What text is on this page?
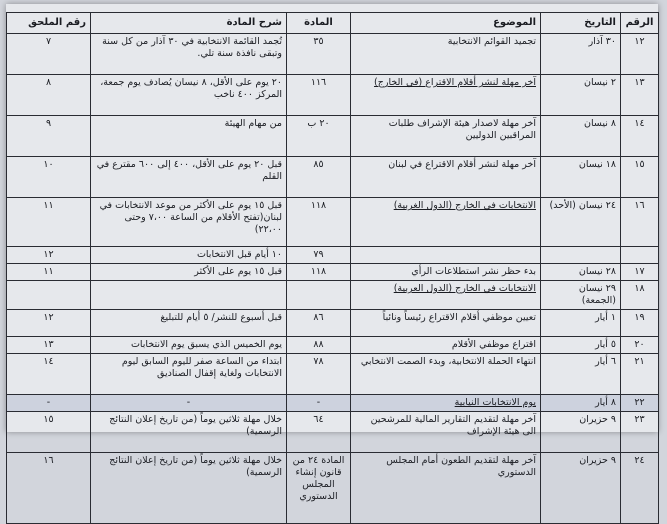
الرقم	التاريخ	الموضوع	المادة	شرح المادة	رقم الملحق
١٢	٣٠ آذار	تجميد القوائم الانتخابية	٣٥	تُجمد القائمة الانتخابية في ٣٠ آذار من كل سنة وتبقى نافذة سنة تلي.	٧
١٣	٢ نيسان	آخر مهلة لنشر أقلام الاقتراع (في الخارج)	١١٦	٢٠ يوم على الأقل، ٨ نيسان يُصادف يوم جمعة، المركز ٤٠٠ ناخب	٨
١٤	٨ نيسان	آخر مهلة لاصدار هيئة الإشراف طلبات المراقبين الدوليين	٢٠ ب	من مهام الهيئة	٩
١٥	١٨ نيسان	آخر مهلة لنشر أقلام الاقتراع في لبنان	٨٥	قبل ٢٠ يوم على الأقل، ٤٠٠ إلى ٦٠٠ مقترع في القلم	١٠
١٦	٢٤ نيسان (الأحد)	الانتخابات في الخارج (الدول الغربية)	١١٨	قبل ١٥ يوم على الأكثر من موعد الانتخابات في لبنان(تفتح الأقلام من الساعة ٧،٠٠ وحتى ٢٢،٠٠)	١١
			٧٩	١٠ أيام قبل الانتخابات	١٢
١٧	٢٨ نيسان	بدء حظر نشر استطلاعات الرأي	١١٨	قبل ١٥ يوم على الأكثر	١١
١٨	٢٩ نيسان (الجمعة)	الانتخابات في الخارج (الدول العربية)			
١٩	١ أيار	تعيين موظفي أقلام الاقتراع رئيساً ونائباً	٨٦	قبل أسبوع للنشر/ ٥ أيام للتبليغ	١٢
٢٠	٥ أيار	اقتراع موظفي الأقلام	٨٨	يوم الخميس الذي يسبق يوم الانتخابات	١٣
٢١	٦ أيار	انتهاء الحملة الانتخابية، وبدء الصمت الانتخابي	٧٨	ابتداء من الساعة صفر لليوم السابق ليوم الانتخابات ولغاية إقفال الصناديق	١٤
٢٢	٨ أيار	يوم الانتخابات النيابية	-	-	-
٢٣	٩ حزيران	آخر مهلة لتقديم التقارير المالية للمرشحين الى هيئة الإشراف	٦٤	خلال مهلة ثلاثين يوماً (من تاريخ إعلان النتائج الرسمية)	١٥
٢٤	٩ حزيران	آخر مهلة لتقديم الطعون أمام المجلس الدستوري	المادة ٢٤ من قانون إنشاء المجلس الدستوري	خلال مهلة ثلاثين يوماً (من تاريخ إعلان النتائج الرسمية)	١٦
